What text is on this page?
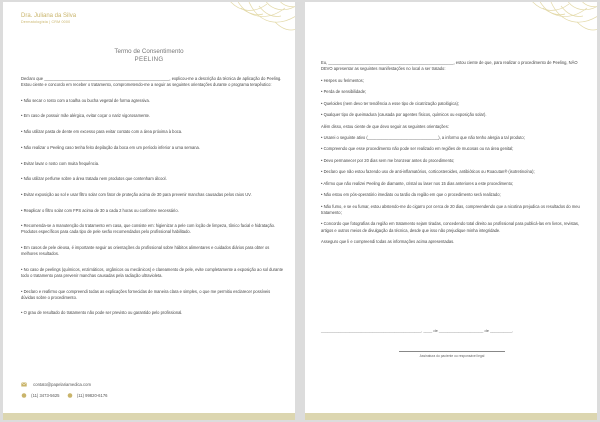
Dra. Juliana da Silva
Dermatologista | CRM 0000
Termo de Consentimento
PEELING

Declaro que _______________________________________________________, explicou-me a descrição da técnica de aplicação do Peeling. Estou ciente e concordo em receber o tratamento, comprometendo-me a seguir as seguintes orientações durante o programa terapêutico:

• Não secar o rosto com a toalha ou bucha vegetal de forma agressiva.

• Em caso de possuir mãe alérgica, evitar coçar o nariz vigorosamente.

• Não utilizar pasta de dente em excesso para evitar contato com a área próxima à boca.

• Não realizar o Peeling caso tenha feito depilação da boca em um período inferior a uma semana.

• Evitar lavar o rosto com muita frequência.

• Não utilizar perfume sobre a área tratada nem produtos que contenham álcool.

• Evitar exposição ao sol e usar filtro solar com fator de proteção acima de 30 para prevenir manchas causadas pelos raios UV.

• Reaplicar o filtro solar com FPS acima de 30 a cada 2 horas ou conforme necessário.

• Recomenda-se a manutenção do tratamento em casa, que consiste em: higienizar a pele com loção de limpeza, tônico facial e hidratação. Produtos específicos para cada tipo de pele serão recomendados pelo profissional habilitado.

• Em casos de pele oleosa, é importante seguir as orientações do profissional sobre hábitos alimentares e cuidados diários para obter os melhores resultados.

• No caso de peelings (químicos, enzimáticos, orgânicos ou mecânicos) e clareamento de pele, evite completamente a exposição ao sol durante todo o tratamento para prevenir manchas causadas pela radiação ultravioleta.

• Declaro e reafirmo que compreendi todas as explicações fornecidas de maneira clara e simples, o que me permitiu esclarecer possíveis dúvidas sobre o procedimento.

• O grau de resultado do tratamento não pode ser previsto ou garantido pelo profissional.

contato@papelariamedica.com
(11) 3473-5625	(11) 99820-6176

Eu, _______________________________________________________, estou ciente de que, para realizar o procedimento de Peeling, NÃO DEVO apresentar as seguintes manifestações no local a ser tratado:

• Herpes ou ferimentos;

• Perda de sensibilidade;

• Queloides (nem devo ter tendência a esse tipo de cicatrização patológica);

• Qualquer tipo de queimadura (causada por agentes físicos, químicos ou exposição solar).

Além disso, estou ciente de que devo seguir as seguintes orientações:

• Usarei o seguinte ativo (_______________________________), a informo que não tenho alergia a tal produto;

• Compreendo que esse procedimento não pode ser realizado em regiões de mucosas ou na área genital;

• Devo permanecer por 20 dias sem me bronzear antes do procedimento;

• Declaro que não estou fazendo uso de anti-inflamatórios, corticosteroides, antibióticos ou Roacutan® (isotretinoína);

• Afirmo que não realizei Peeling de diamante, cristal ou laser nos 15 dias anteriores a este procedimento;

• Não estou em pós-operatório imediato ou tardio da região em que o procedimento será realizado;

• Não fumo, e se eu fumar, estou abstendo-me do cigarro por cerca de 20 dias, compreendendo que a nicotina prejudica os resultados do meu tratamento;

• Concordo que fotografias da região em tratamento sejam tiradas, concedendo total direito ao profissional para publicá-las em livros, revistas, artigos e outros meios de divulgação da técnica, desde que isso não prejudique minha integridade.

Asseguro que li e compreendi todas as informações acima apresentadas.

_____________________________________________, ____ de ____________________ de __________.
Assinatura do paciente ou responsável legal
